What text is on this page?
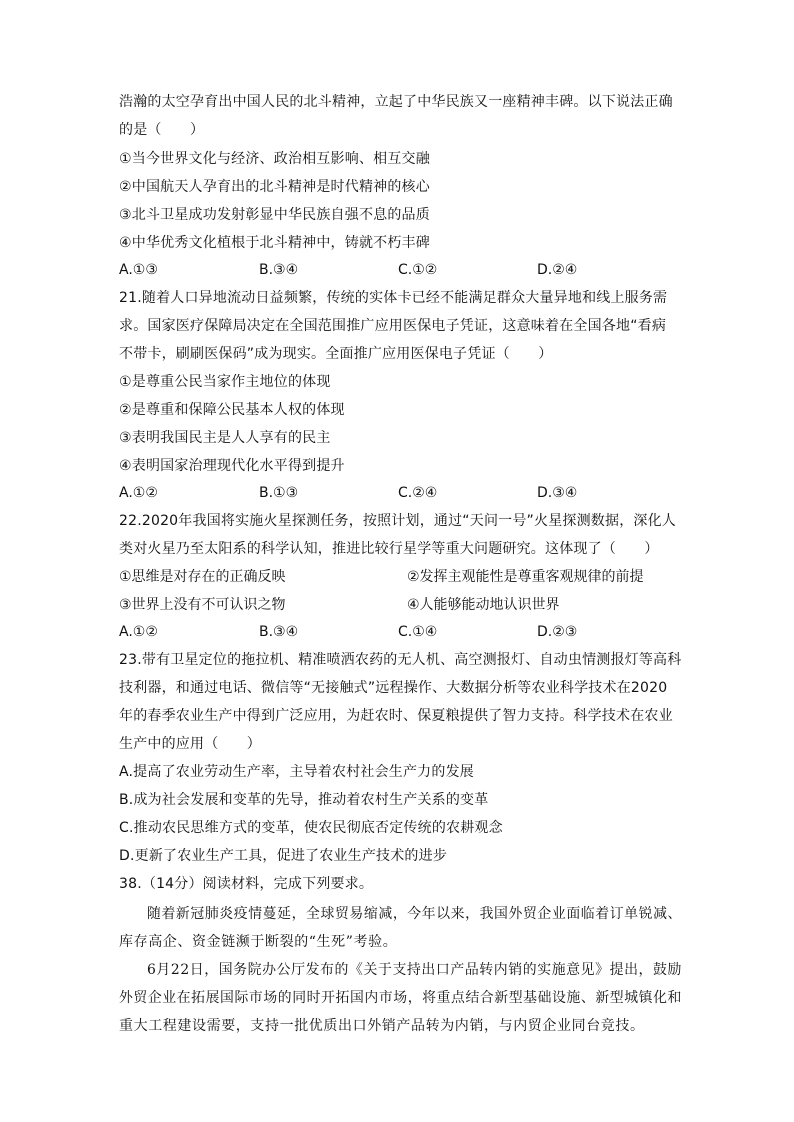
浩瀚的太空孕育出中国人民的北斗精神，立起了中华民族又一座精神丰碑。以下说法正确
的是（　　）
①当今世界文化与经济、政治相互影响、相互交融
②中国航天人孕育出的北斗精神是时代精神的核心
③北斗卫星成功发射彰显中华民族自强不息的品质
④中华优秀文化植根于北斗精神中，铸就不朽丰碑
A.①③	B.③④	C.①②	D.②④
21.随着人口异地流动日益频繁，传统的实体卡已经不能满足群众大量异地和线上服务需
求。国家医疗保障局决定在全国范围推广应用医保电子凭证，这意味着在全国各地“看病
不带卡，刷刷医保码”成为现实。全面推广应用医保电子凭证（　　）
①是尊重公民当家作主地位的体现
②是尊重和保障公民基本人权的体现
③表明我国民主是人人享有的民主
④表明国家治理现代化水平得到提升
A.①②	B.①③	C.②④	D.③④
22.2020年我国将实施火星探测任务，按照计划，通过“天问一号”火星探测数据，深化人
类对火星乃至太阳系的科学认知，推进比较行星学等重大问题研究。这体现了（　　）
①思维是对存在的正确反映	②发挥主观能性是尊重客观规律的前提
③世界上没有不可认识之物	④人能够能动地认识世界
A.①②	B.③④	C.①④	D.②③
23.带有卫星定位的拖拉机、精准喷洒农药的无人机、高空测报灯、自动虫情测报灯等高科
技利器，和通过电话、微信等“无接触式”远程操作、大数据分析等农业科学技术在2020
年的春季农业生产中得到广泛应用，为赶农时、保夏粮提供了智力支持。科学技术在农业
生产中的应用（　　）
A.提高了农业劳动生产率，主导着农村社会生产力的发展
B.成为社会发展和变革的先导，推动着农村生产关系的变革
C.推动农民思维方式的变革，使农民彻底否定传统的农耕观念
D.更新了农业生产工具，促进了农业生产技术的进步
38.（14分）阅读材料，完成下列要求。
随着新冠肺炎疫情蔓延，全球贸易缩减，今年以来，我国外贸企业面临着订单锐减、
库存高企、资金链濒于断裂的“生死”考验。
6月22日，国务院办公厅发布的《关于支持出口产品转内销的实施意见》提出，鼓励
外贸企业在拓展国际市场的同时开拓国内市场，将重点结合新型基础设施、新型城镇化和
重大工程建设需要，支持一批优质出口外销产品转为内销，与内贸企业同台竞技。
